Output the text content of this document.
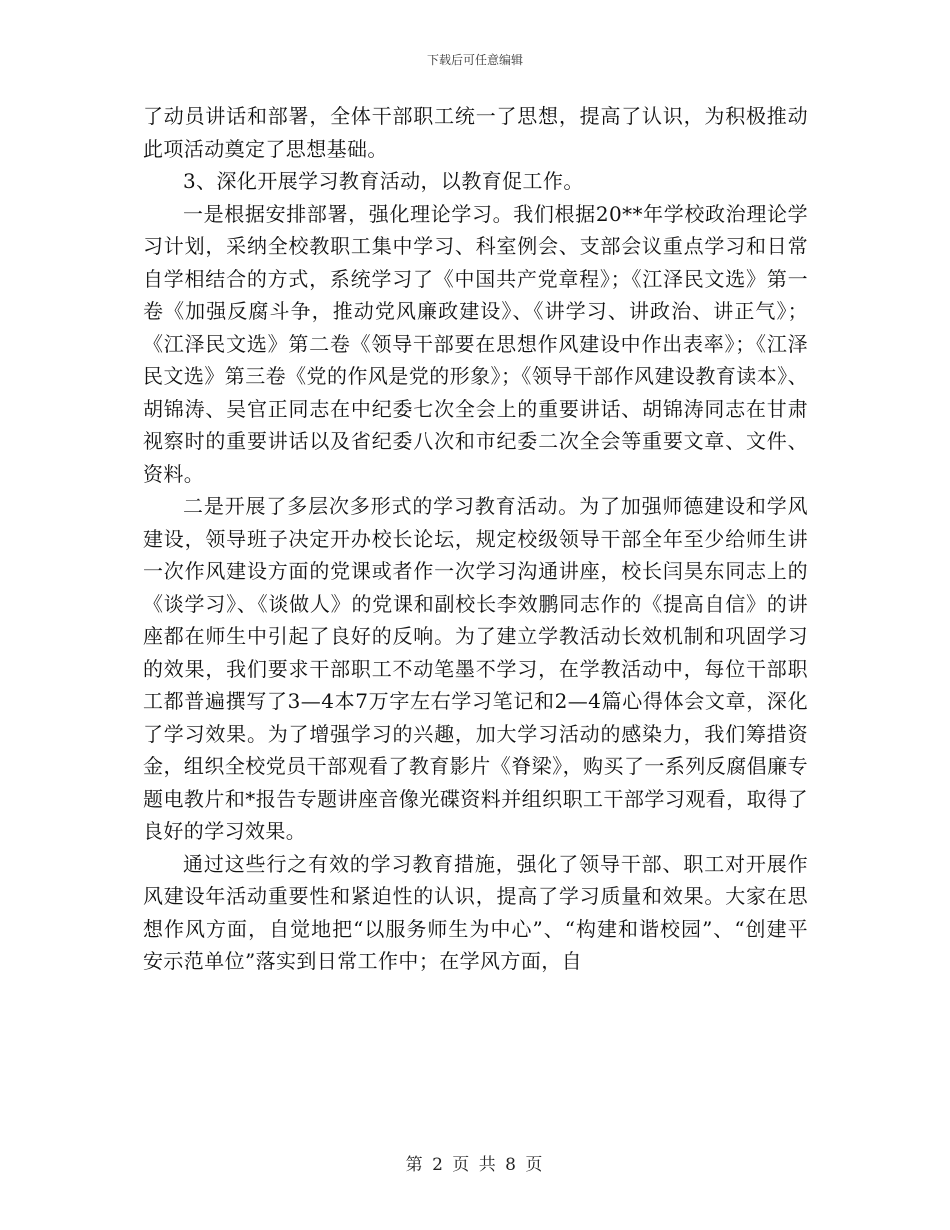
下载后可任意编辑

了动员讲话和部署，全体干部职工统一了思想，提高了认识，为积极推动此项活动奠定了思想基础。

3、深化开展学习教育活动，以教育促工作。

一是根据安排部署，强化理论学习。我们根据20**年学校政治理论学习计划，采纳全校教职工集中学习、科室例会、支部会议重点学习和日常自学相结合的方式，系统学习了《中国共产党章程》；《江泽民文选》第一卷《加强反腐斗争，推动党风廉政建设》、《讲学习、讲政治、讲正气》；《江泽民文选》第二卷《领导干部要在思想作风建设中作出表率》；《江泽民文选》第三卷《党的作风是党的形象》；《领导干部作风建设教育读本》、胡锦涛、吴官正同志在中纪委七次全会上的重要讲话、胡锦涛同志在甘肃视察时的重要讲话以及省纪委八次和市纪委二次全会等重要文章、文件、资料。

二是开展了多层次多形式的学习教育活动。为了加强师德建设和学风建设，领导班子决定开办校长论坛，规定校级领导干部全年至少给师生讲一次作风建设方面的党课或者作一次学习沟通讲座，校长闫昊东同志上的《谈学习》、《谈做人》的党课和副校长李效鹏同志作的《提高自信》的讲座都在师生中引起了良好的反响。为了建立学教活动长效机制和巩固学习的效果，我们要求干部职工不动笔墨不学习，在学教活动中，每位干部职工都普遍撰写了3—4本7万字左右学习笔记和2—4篇心得体会文章，深化了学习效果。为了增强学习的兴趣，加大学习活动的感染力，我们筹措资金，组织全校党员干部观看了教育影片《脊梁》，购买了一系列反腐倡廉专题电教片和*报告专题讲座音像光碟资料并组织职工干部学习观看，取得了良好的学习效果。

通过这些行之有效的学习教育措施，强化了领导干部、职工对开展作风建设年活动重要性和紧迫性的认识，提高了学习质量和效果。大家在思想作风方面，自觉地把“以服务师生为中心”、“构建和谐校园”、“创建平安示范单位”落实到日常工作中；在学风方面，自

第 2 页 共 8 页
